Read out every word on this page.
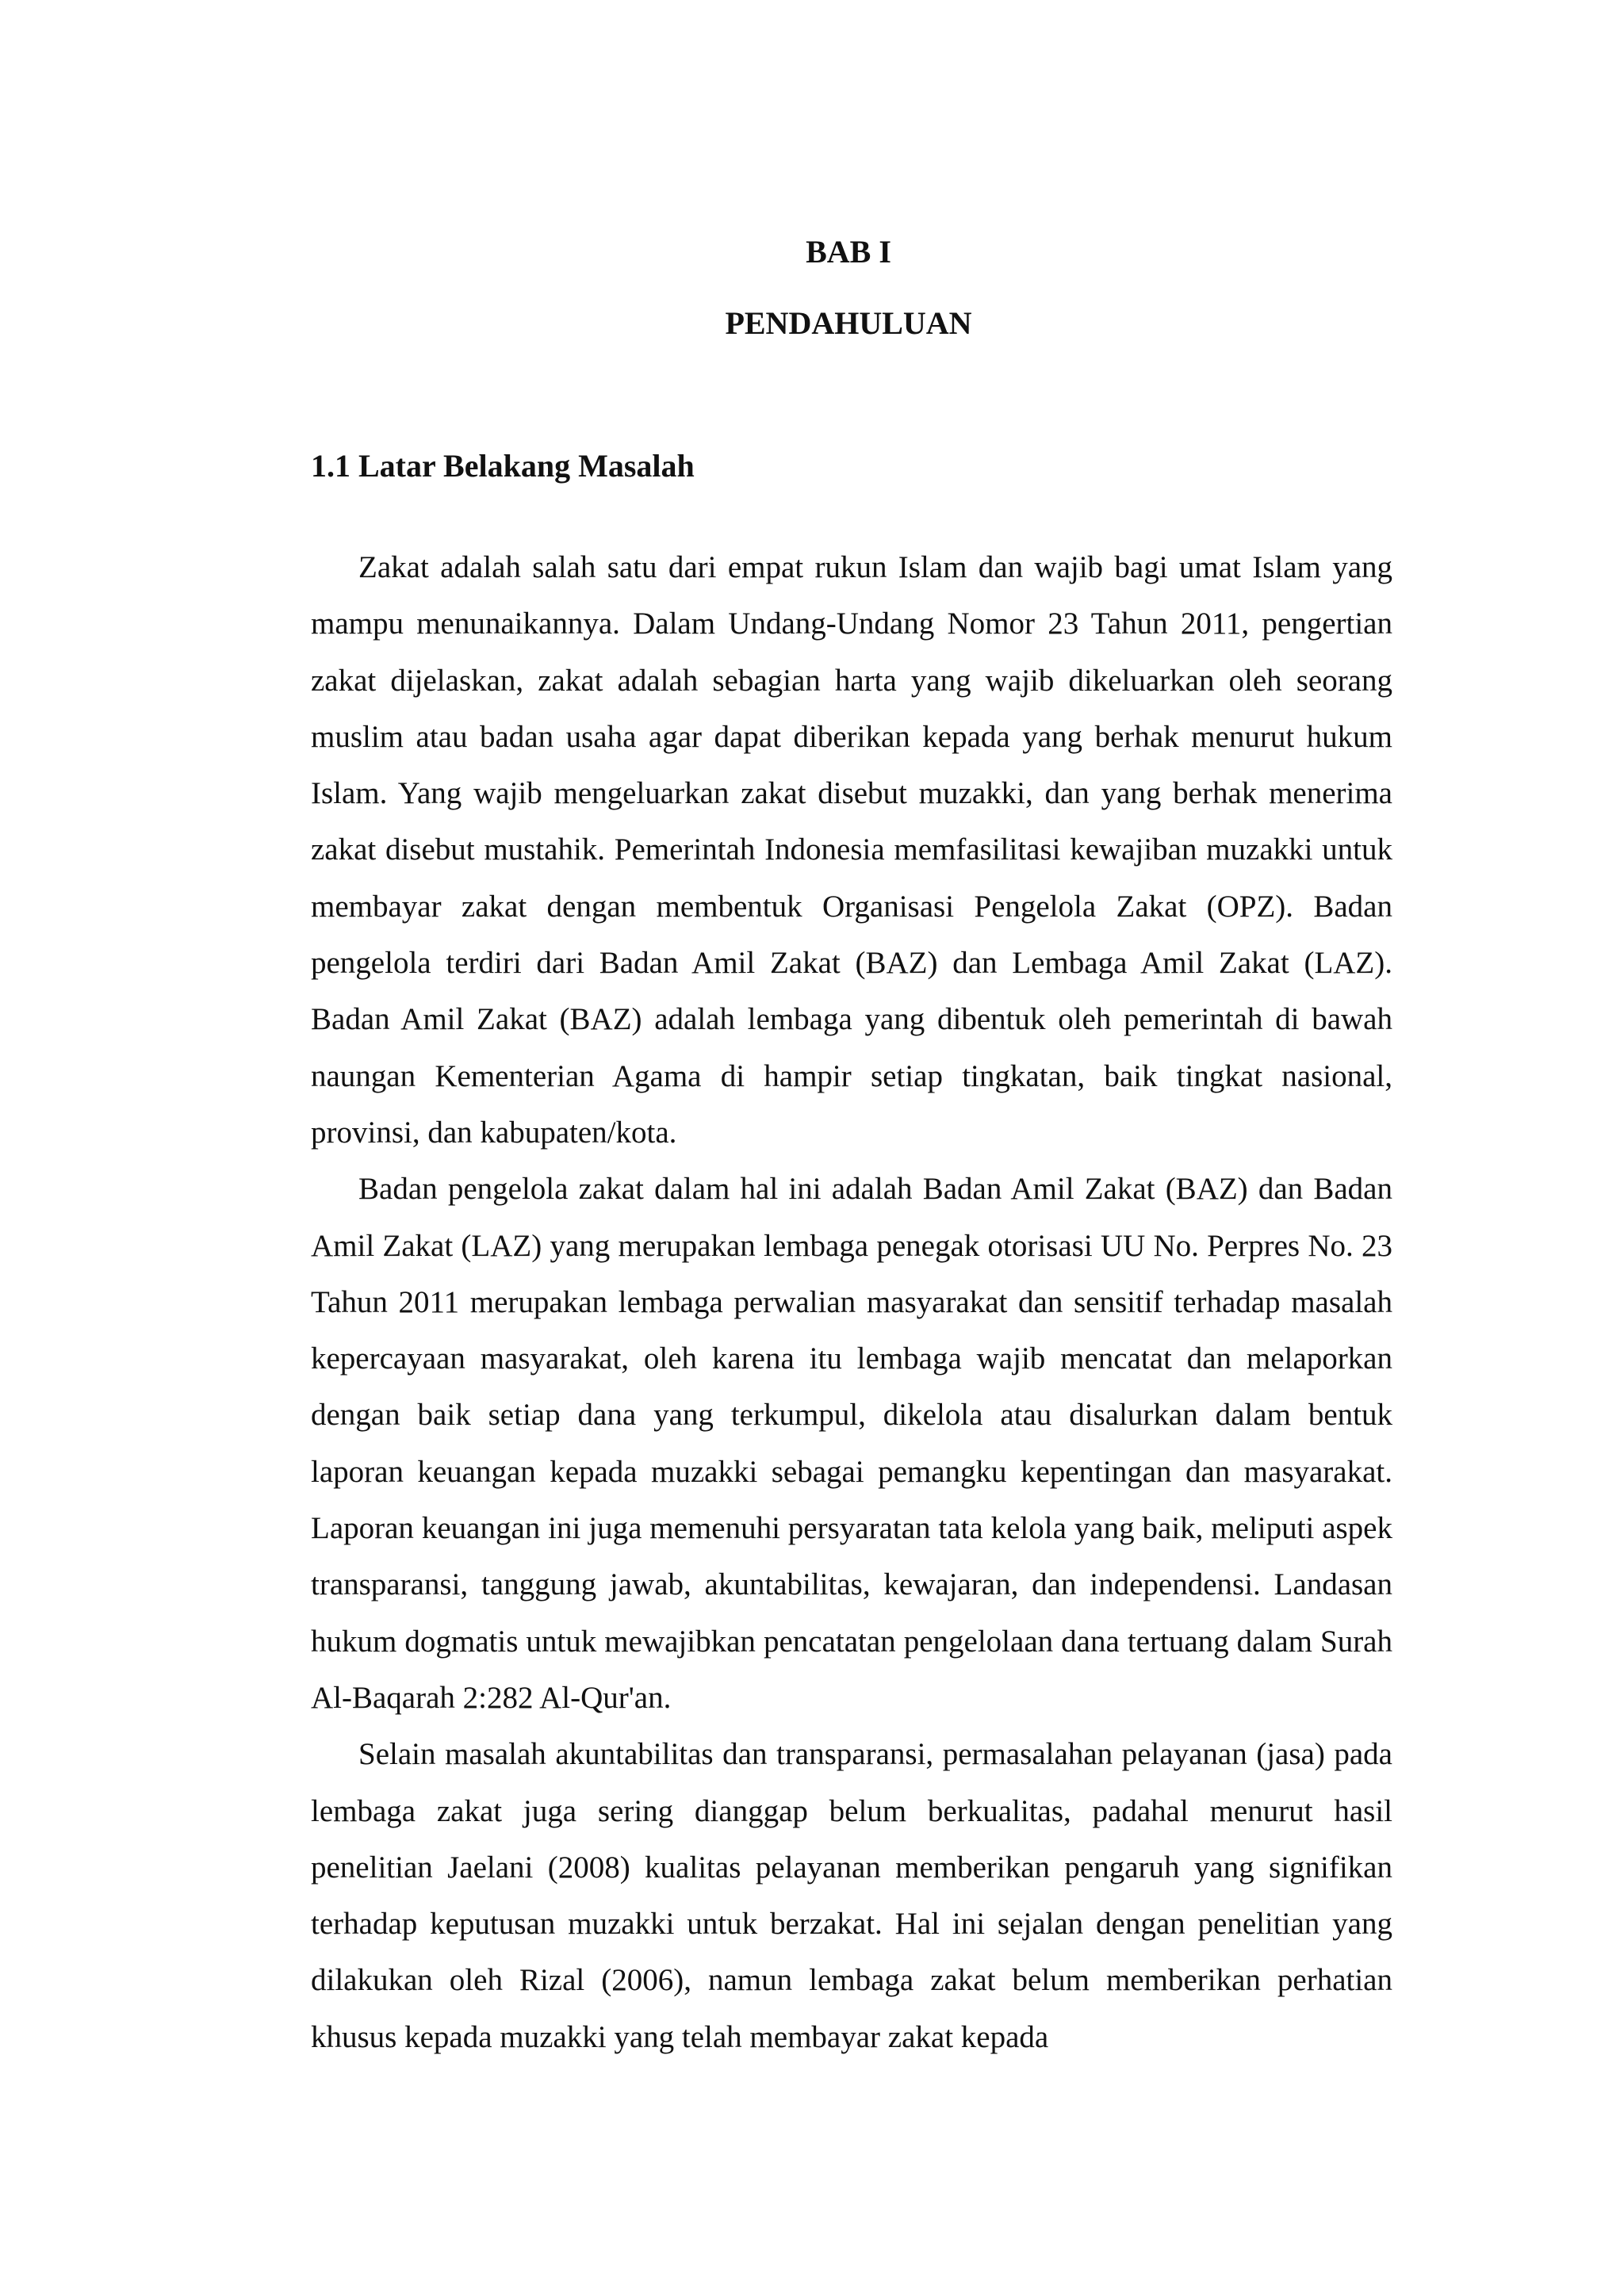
BAB I
PENDAHULUAN
1.1 Latar Belakang Masalah

Zakat adalah salah satu dari empat rukun Islam dan wajib bagi umat Islam yang mampu menunaikannya. Dalam Undang-Undang Nomor 23 Tahun 2011, pengertian zakat dijelaskan, zakat adalah sebagian harta yang wajib dikeluarkan oleh seorang muslim atau badan usaha agar dapat diberikan kepada yang berhak menurut hukum Islam. Yang wajib mengeluarkan zakat disebut muzakki, dan yang berhak menerima zakat disebut mustahik. Pemerintah Indonesia memfasilitasi kewajiban muzakki untuk membayar zakat dengan membentuk Organisasi Pengelola Zakat (OPZ). Badan pengelola terdiri dari Badan Amil Zakat (BAZ) dan Lembaga Amil Zakat (LAZ). Badan Amil Zakat (BAZ) adalah lembaga yang dibentuk oleh pemerintah di bawah naungan Kementerian Agama di hampir setiap tingkatan, baik tingkat nasional, provinsi, dan kabupaten/kota.

Badan pengelola zakat dalam hal ini adalah Badan Amil Zakat (BAZ) dan Badan Amil Zakat (LAZ) yang merupakan lembaga penegak otorisasi UU No. Perpres No. 23 Tahun 2011 merupakan lembaga perwalian masyarakat dan sensitif terhadap masalah kepercayaan masyarakat, oleh karena itu lembaga wajib mencatat dan melaporkan dengan baik setiap dana yang terkumpul, dikelola atau disalurkan dalam bentuk laporan keuangan kepada muzakki sebagai pemangku kepentingan dan masyarakat. Laporan keuangan ini juga memenuhi persyaratan tata kelola yang baik, meliputi aspek transparansi, tanggung jawab, akuntabilitas, kewajaran, dan independensi. Landasan hukum dogmatis untuk mewajibkan pencatatan pengelolaan dana tertuang dalam Surah Al-Baqarah 2:282 Al-Qur'an.

Selain masalah akuntabilitas dan transparansi, permasalahan pelayanan (jasa) pada lembaga zakat juga sering dianggap belum berkualitas, padahal menurut hasil penelitian Jaelani (2008) kualitas pelayanan memberikan pengaruh yang signifikan terhadap keputusan muzakki untuk berzakat. Hal ini sejalan dengan penelitian yang dilakukan oleh Rizal (2006), namun lembaga zakat belum memberikan perhatian khusus kepada muzakki yang telah membayar zakat kepada
